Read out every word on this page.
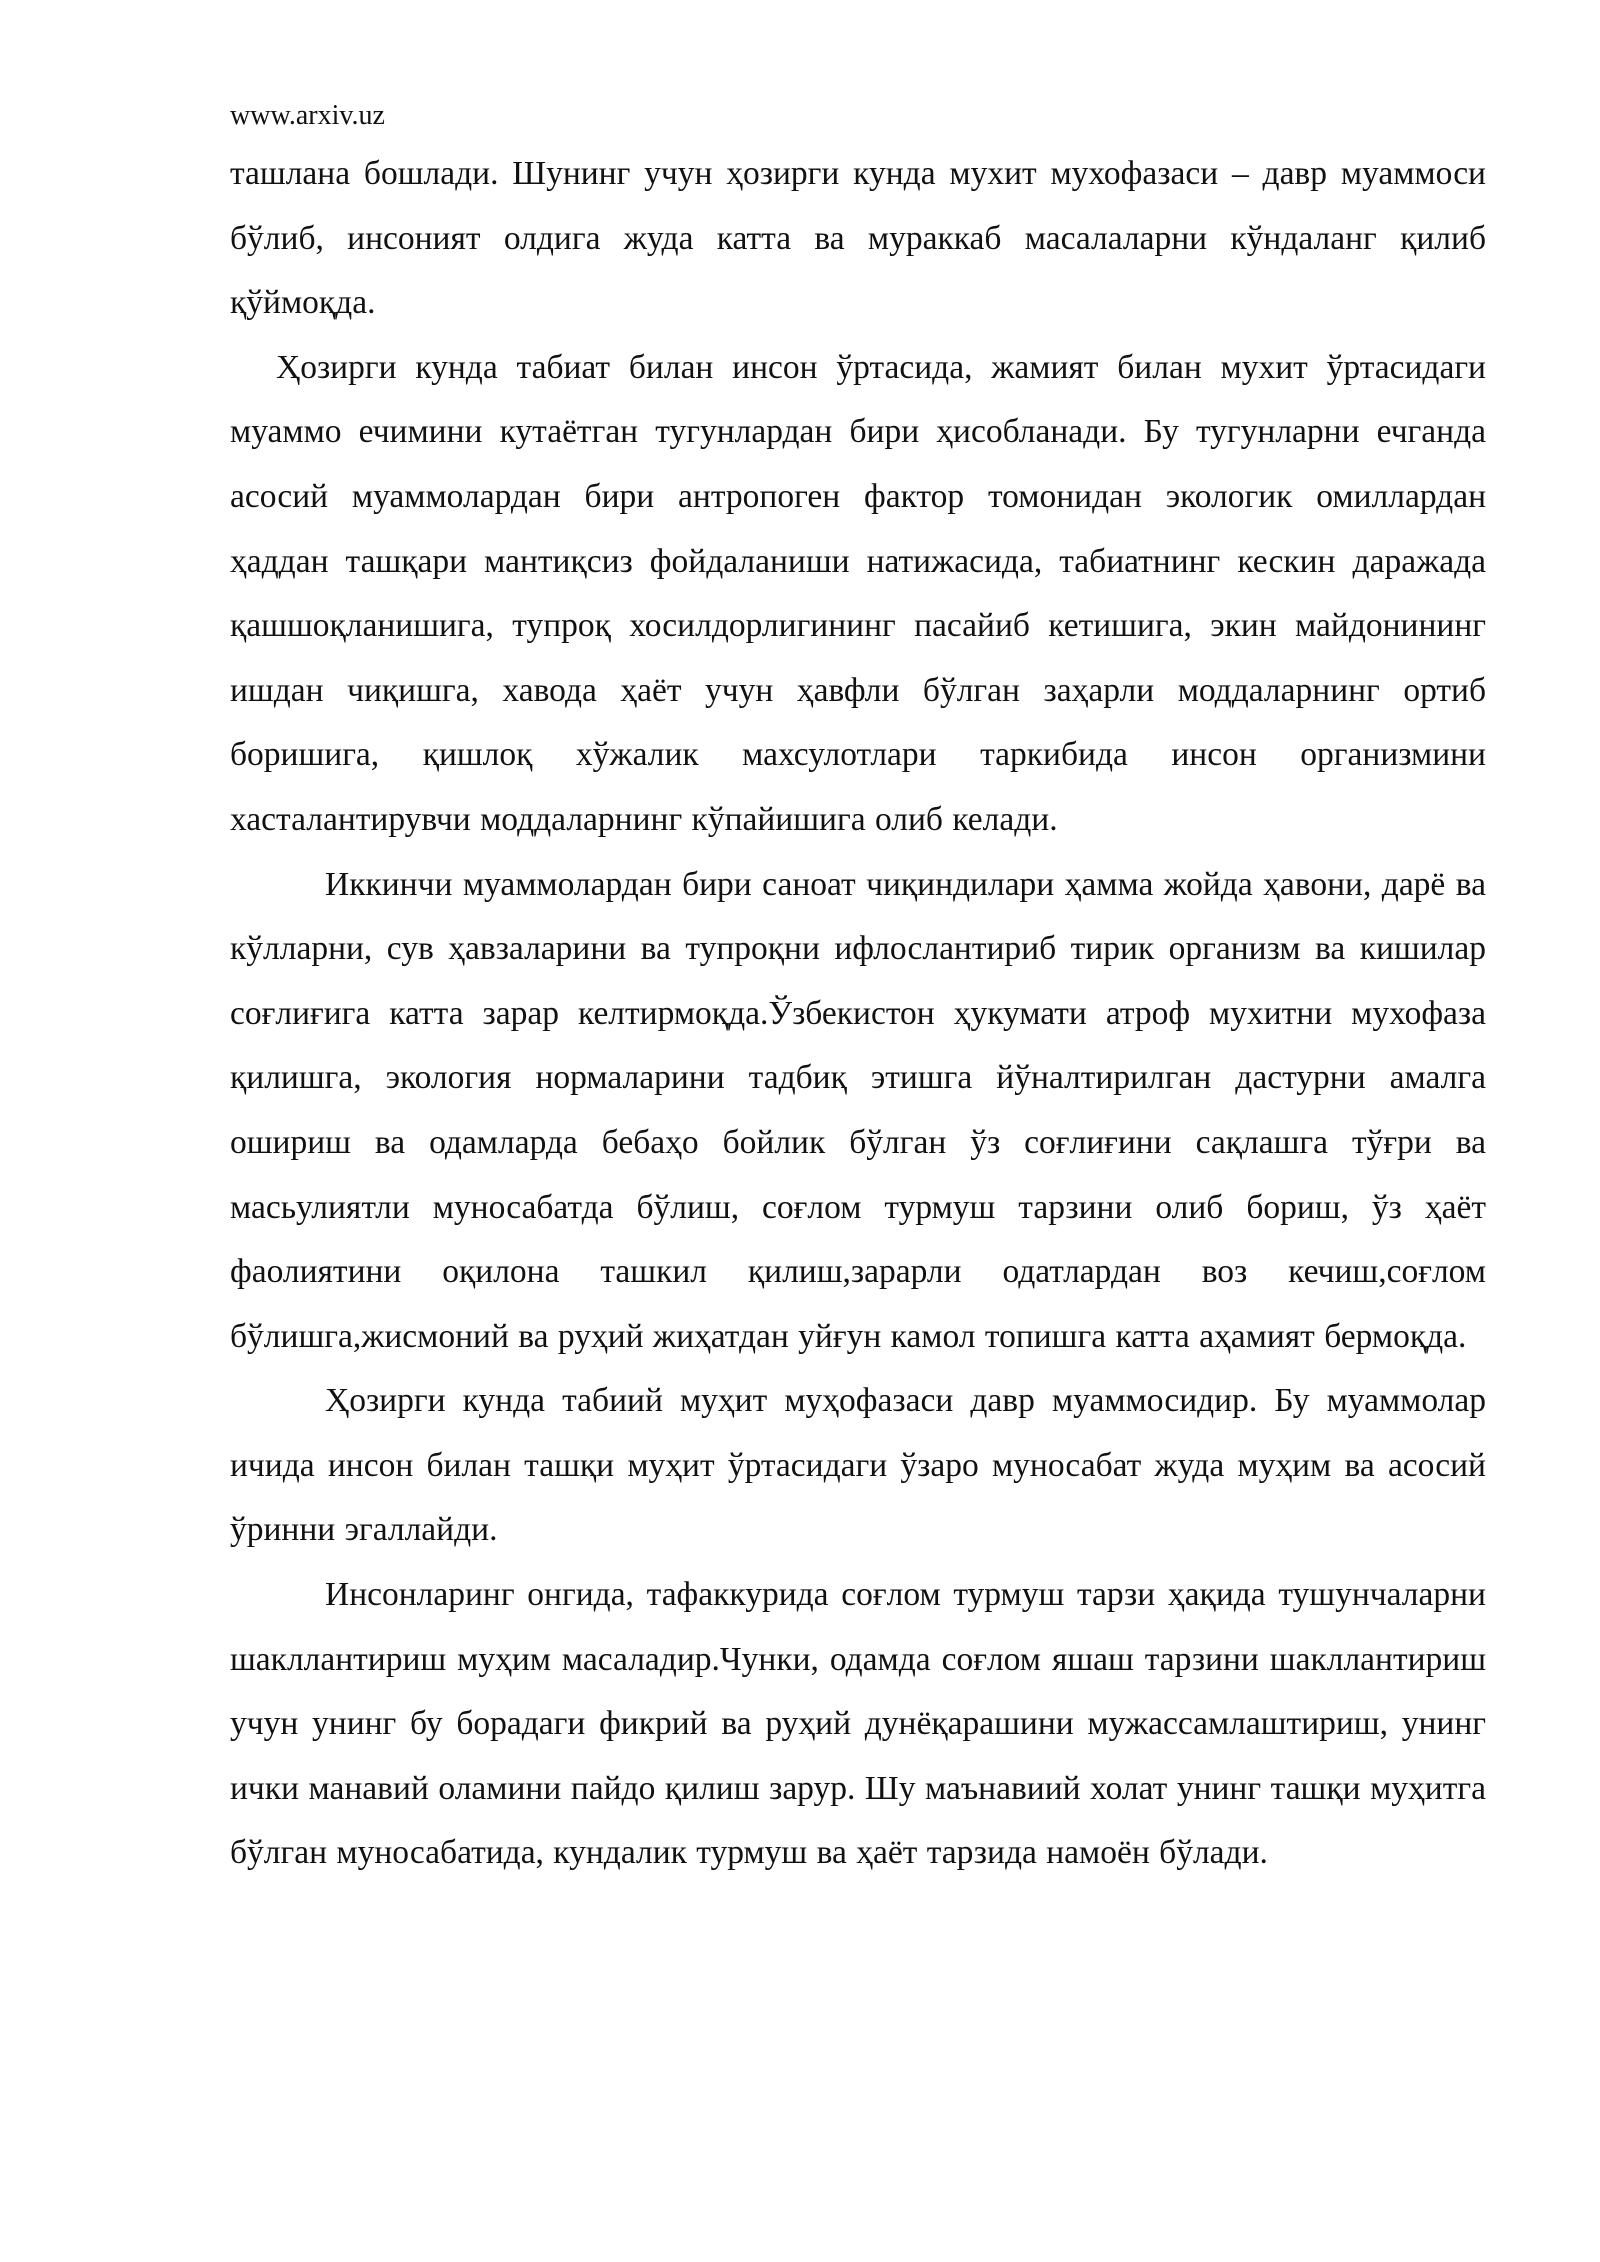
www.arxiv.uz

ташлана бошлади. Шунинг учун ҳозирги кунда мухит мухофазаси – давр муаммоси бўлиб, инсоният олдига жуда катта ва мураккаб масалаларни кўндаланг қилиб қўймоқда.

Ҳозирги кунда табиат билан инсон ўртасида, жамият билан мухит ўртасидаги муаммо ечимини кутаётган тугунлардан бири ҳисобланади. Бу тугунларни ечганда асосий муаммолардан бири антропоген фактор томонидан экологик омиллардан ҳаддан ташқари мантиқсиз фойдаланиши натижасида, табиатнинг кескин даражада қашшоқланишига, тупроқ хосилдорлигининг пасайиб кетишига, экин майдонининг ишдан чиқишга, хавода ҳаёт учун ҳавфли бўлган заҳарли моддаларнинг ортиб боришига, қишлоқ хўжалик махсулотлари таркибида инсон организмини хасталантирувчи моддаларнинг кўпайишига олиб келади.

Иккинчи муаммолардан бири саноат чиқиндилари ҳамма жойда ҳавони, дарё ва кўлларни, сув ҳавзаларини ва тупроқни ифлослантириб тирик организм ва кишилар соғлиғига катта зарар келтирмоқда.Ўзбекистон ҳукумати атроф мухитни мухофаза қилишга, экология нормаларини тадбиқ этишга йўналтирилган дастурни амалга ошириш ва одамларда бебаҳо бойлик бўлган ўз соғлиғини сақлашга тўғри ва масьулиятли муносабатда бўлиш, соғлом турмуш тарзини олиб бориш, ўз ҳаёт фаолиятини оқилона ташкил қилиш,зарарли одатлардан воз кечиш,соғлом бўлишга,жисмоний ва руҳий жиҳатдан уйғун камол топишга катта аҳамият бермоқда.

Ҳозирги кунда табиий муҳит муҳофазаси давр муаммосидир. Бу муаммолар ичида инсон билан ташқи муҳит ўртасидаги ўзаро муносабат жуда муҳим ва асосий ўринни эгаллайди.

Инсонларинг онгида, тафаккурида соғлом турмуш тарзи ҳақида тушунчаларни шакллантириш муҳим масаладир.Чунки, одамда соғлом яшаш тарзини шакллантириш учун унинг бу борадаги фикрий ва руҳий дунёқарашини мужассамлаштириш, унинг ички манавий оламини пайдо қилиш зарур. Шу маънавиий холат унинг ташқи муҳитга бўлган муносабатида, кундалик турмуш ва ҳаёт тарзида намоён бўлади.
